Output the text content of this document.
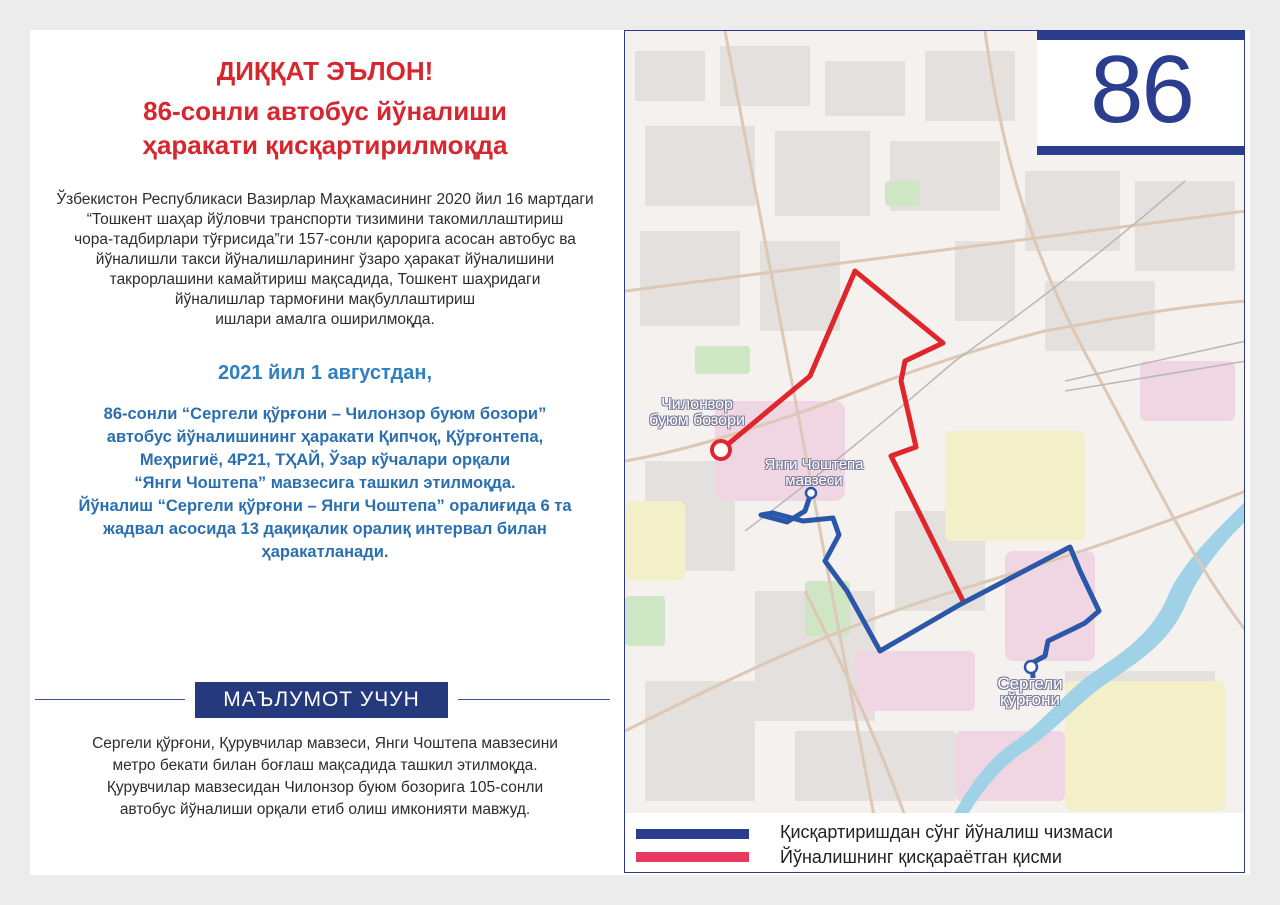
ДИҚҚАТ ЭЪЛОН!
86-сонли автобус йўналиши
ҳаракати қисқартирилмоқда

Ўзбекистон Республикаси Вазирлар Маҳкамасининг 2020 йил 16 мартдаги
“Тошкент шаҳар йўловчи транспорти тизимини такомиллаштириш
чора-тадбирлари тўғрисида”ги 157-сонли қарорига асосан автобус ва
йўналишли такси йўналишларининг ўзаро ҳаракат йўналишини
такрорлашини камайтириш мақсадида, Тошкент шаҳридаги
йўналишлар тармоғини мақбуллаштириш
ишлари амалга оширилмоқда.

2021 йил 1 августдан,

86-сонли “Сергели қўрғони – Чилонзор буюм бозори”
автобус йўналишининг ҳаракати Қипчоқ, Қўрғонтепа,
Меҳригиё, 4Р21, ТҲАЙ, Ўзар кўчалари орқали
“Янги Чоштепа” мавзесига ташкил этилмоқда.
Йўналиш “Сергели қўрғони – Янги Чоштепа” оралиғида 6 та
жадвал асосида 13 дақиқалик оралиқ интервал билан
ҳаракатланади.

МАЪЛУМОТ УЧУН

Сергели қўрғони, Қурувчилар мавзеси, Янги Чоштепа мавзесини
метро бекати билан боғлаш мақсадида ташкил этилмоқда.
Қурувчилар мавзесидан Чилонзор буюм бозорига 105-сонли
автобус йўналиши орқали етиб олиш имконияти мавжуд.

86
Чилонзор
буюм бозори
Янги Чоштепа
мавзеси
Сергели
қўрғони

Қисқартиришдан сўнг йўналиш чизмаси

Йўналишнинг қисқараётган қисми
